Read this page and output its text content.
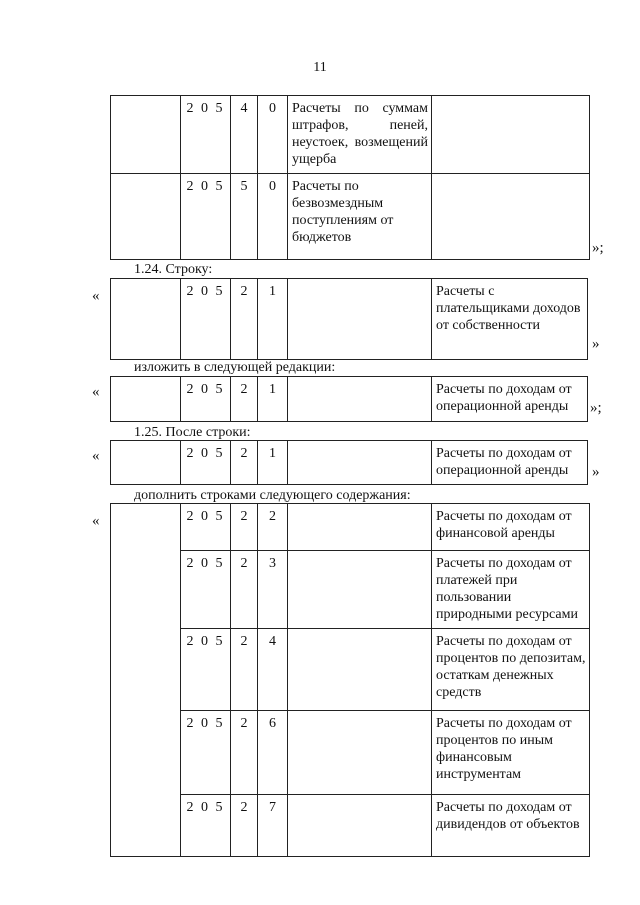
11
	2 0 5	4	0	Расчеты по суммам штрафов, пеней, неустоек, возмещений ущерба	
	2 0 5	5	0	Расчеты по безвозмездным поступлениям от бюджетов	
»;
1.24. Строку:
«
		2 0 5	2	1		Расчеты с плательщиками доходов от собственности
»
изложить в следующей редакции:
«
		2 0 5	2	1		Расчеты по доходам от операционной аренды »;
1.25. После строки:
«
		2 0 5	2	1		Расчеты по доходам от операционной аренды »
дополнить строками следующего содержания:
«
		2 0 5	2	2		Расчеты по доходам от финансовой аренды
	2 0 5	2	3		Расчеты по доходам от платежей при пользовании природными ресурсами
	2 0 5	2	4		Расчеты по доходам от процентов по депозитам, остаткам денежных средств
	2 0 5	2	6		Расчеты по доходам от процентов по иным финансовым инструментам
	2 0 5	2	7		Расчеты по доходам от дивидендов от объектов
